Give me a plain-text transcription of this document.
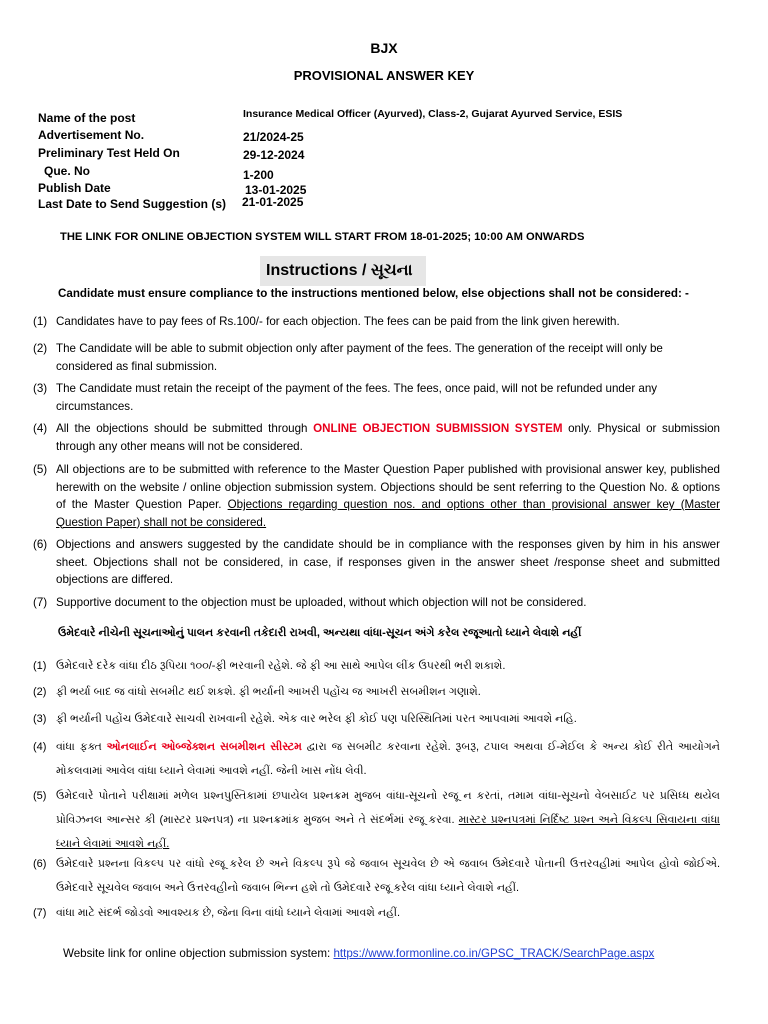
BJX
PROVISIONAL ANSWER KEY
Name of the post	Insurance Medical Officer (Ayurved), Class-2, Gujarat Ayurved Service, ESIS
Advertisement No.	21/2024-25
Preliminary Test Held On	29-12-2024
Que. No	1-200
Publish Date	13-01-2025
Last Date to Send Suggestion (s) 21-01-2025
THE LINK FOR ONLINE OBJECTION SYSTEM WILL START FROM 18-01-2025; 10:00 AM ONWARDS
Instructions / સૂચના
Candidate must ensure compliance to the instructions mentioned below, else objections shall not be considered: -
(1) Candidates have to pay fees of Rs.100/- for each objection. The fees can be paid from the link given herewith.
(2) The Candidate will be able to submit objection only after payment of the fees. The generation of the receipt will only be considered as final submission.
(3) The Candidate must retain the receipt of the payment of the fees. The fees, once paid, will not be refunded under any circumstances.
(4) All the objections should be submitted through ONLINE OBJECTION SUBMISSION SYSTEM only. Physical or submission through any other means will not be considered.
(5) All objections are to be submitted with reference to the Master Question Paper published with provisional answer key, published herewith on the website / online objection submission system. Objections should be sent referring to the Question No. & options of the Master Question Paper. Objections regarding question nos. and options other than provisional answer key (Master Question Paper) shall not be considered.
(6) Objections and answers suggested by the candidate should be in compliance with the responses given by him in his answer sheet. Objections shall not be considered, in case, if responses given in the answer sheet /response sheet and submitted objections are differed.
(7) Supportive document to the objection must be uploaded, without which objection will not be considered.
ઉમેદવારે નીચેની સૂચનાઓનું પાલન કરવાની તકેદારી રાખવી, અન્યથા વાંધા-સૂચન અંગે કરેલ રજૂઆતો ધ્યાને લેવાશે નહીં
(1) ઉમેદવારે દરેક વાંધા દીઠ રૂપિયા ૧૦૦/-ફી ભરવાની રહેશે. જે ફી આ સાથે આપેલ લીંક ઉપરથી ભરી શકાશે.
(2) ફી ભર્યા બાદ જ વાંધો સબમીટ થઈ શકશે. ફી ભર્યાની આખરી પહોંચ જ આખરી સબમીશન ગણાશે.
(3) ફી ભર્યાની પહોંચ ઉમેદવારે સાચવી રાખવાની રહેશે. એક વાર ભરેલ ફી કોઈ પણ પરિસ્થિતિમાં પરત આપવામાં આવશે નહિ.
(4) વાંધા ફક્ત ઓનલાઈન ઓબ્જેક્શન સબમીશન સીસ્ટમ દ્વારા જ સબમીટ કરવાના રહેશે. રૂબરૂ, ટપાલ અથવા ઈ-મેઈલ કે અન્ય કોઈ રીતે આયોગને મોકલવામાં આવેલ વાંધા ધ્યાને લેવામાં આવશે નહીં. જેની ખાસ નોંધ લેવી.
(5) ઉમેદવારે પોતાને પરીક્ષામાં મળેલ પ્રશ્નપુસ્તિકામાં છપાયેલ પ્રશ્નક્રમ મુજબ વાંધા-સૂચનો રજૂ ન કરતાં, તમામ વાંધા-સૂચનો વેબસાઈટ પર પ્રસિધ્ધ થયેલ પ્રોવિઝનલ આન્સર કી (માસ્ટર પ્રશ્નપત્ર) ના પ્રશ્નક્રમાંક મુજબ અને તે સંદર્ભમાં રજૂ કરવા. માસ્ટર પ્રશ્નપત્રમાં નિર્દિષ્ટ પ્રશ્ન અને વિકલ્પ સિવાયના વાંધા ધ્યાને લેવામાં આવશે નહીં.
(6) ઉમેદવારે પ્રશ્નના વિકલ્પ પર વાંધો રજૂ કરેલ છે અને વિકલ્પ રૂપે જે જવાબ સૂચવેલ છે એ જવાબ ઉમેદવારે પોતાની ઉત્તરવહીમાં આપેલ હોવો જોઈએ. ઉમેદવારે સૂચવેલ જવાબ અને ઉત્તરવહીનો જવાબ ભિન્ન હશે તો ઉમેદવારે રજૂ કરેલ વાંધા ધ્યાને લેવાશે નહીં.
(7) વાંધા માટે સંદર્ભ જોડવો આવશ્યક છે, જેના વિના વાંધો ધ્યાને લેવામાં આવશે નહીં.
Website link for online objection submission system: https://www.formonline.co.in/GPSC_TRACK/SearchPage.aspx
